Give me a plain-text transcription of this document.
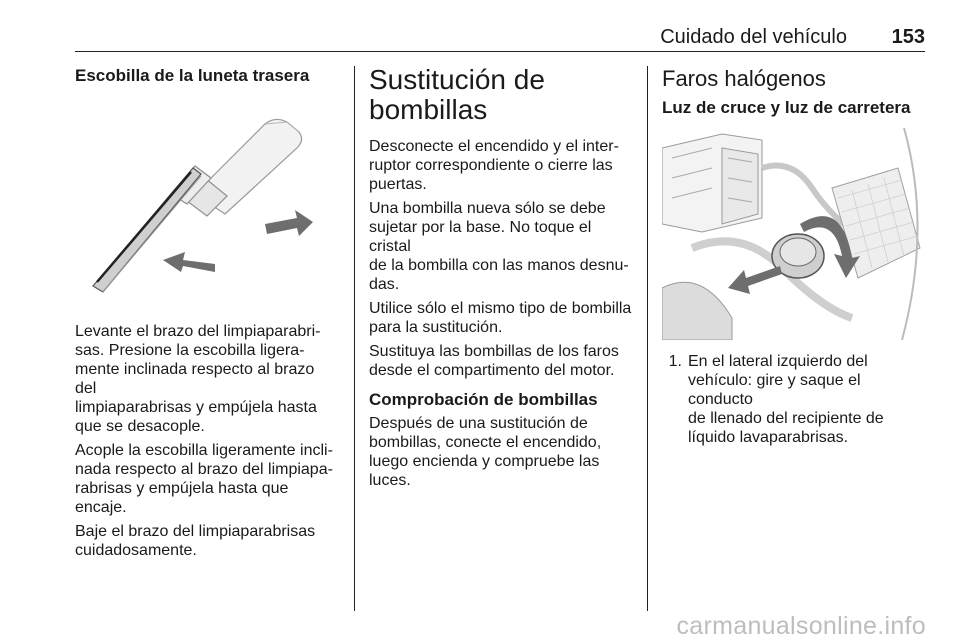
Cuidado del vehículo 153
Escobilla de la luneta trasera

Levante el brazo del limpiaparabri-
sas. Presione la escobilla ligera-
mente inclinada respecto al brazo del
limpiaparabrisas y empújela hasta
que se desacople.

Acople la escobilla ligeramente incli-
nada respecto al brazo del limpiapa-
rabrisas y empújela hasta que
encaje.

Baje el brazo del limpiaparabrisas
cuidadosamente.

Sustitución de
bombillas

Desconecte el encendido y el inter-
ruptor correspondiente o cierre las
puertas.

Una bombilla nueva sólo se debe
sujetar por la base. No toque el cristal
de la bombilla con las manos desnu-
das.

Utilice sólo el mismo tipo de bombilla
para la sustitución.

Sustituya las bombillas de los faros
desde el compartimento del motor.

Comprobación de bombillas

Después de una sustitución de
bombillas, conecte el encendido,
luego encienda y compruebe las
luces.

Faros halógenos
Luz de cruce y luz de carretera
1. En el lateral izquierdo del
vehículo: gire y saque el conducto
de llenado del recipiente de
líquido lavaparabrisas.
carmanualsonline.info
